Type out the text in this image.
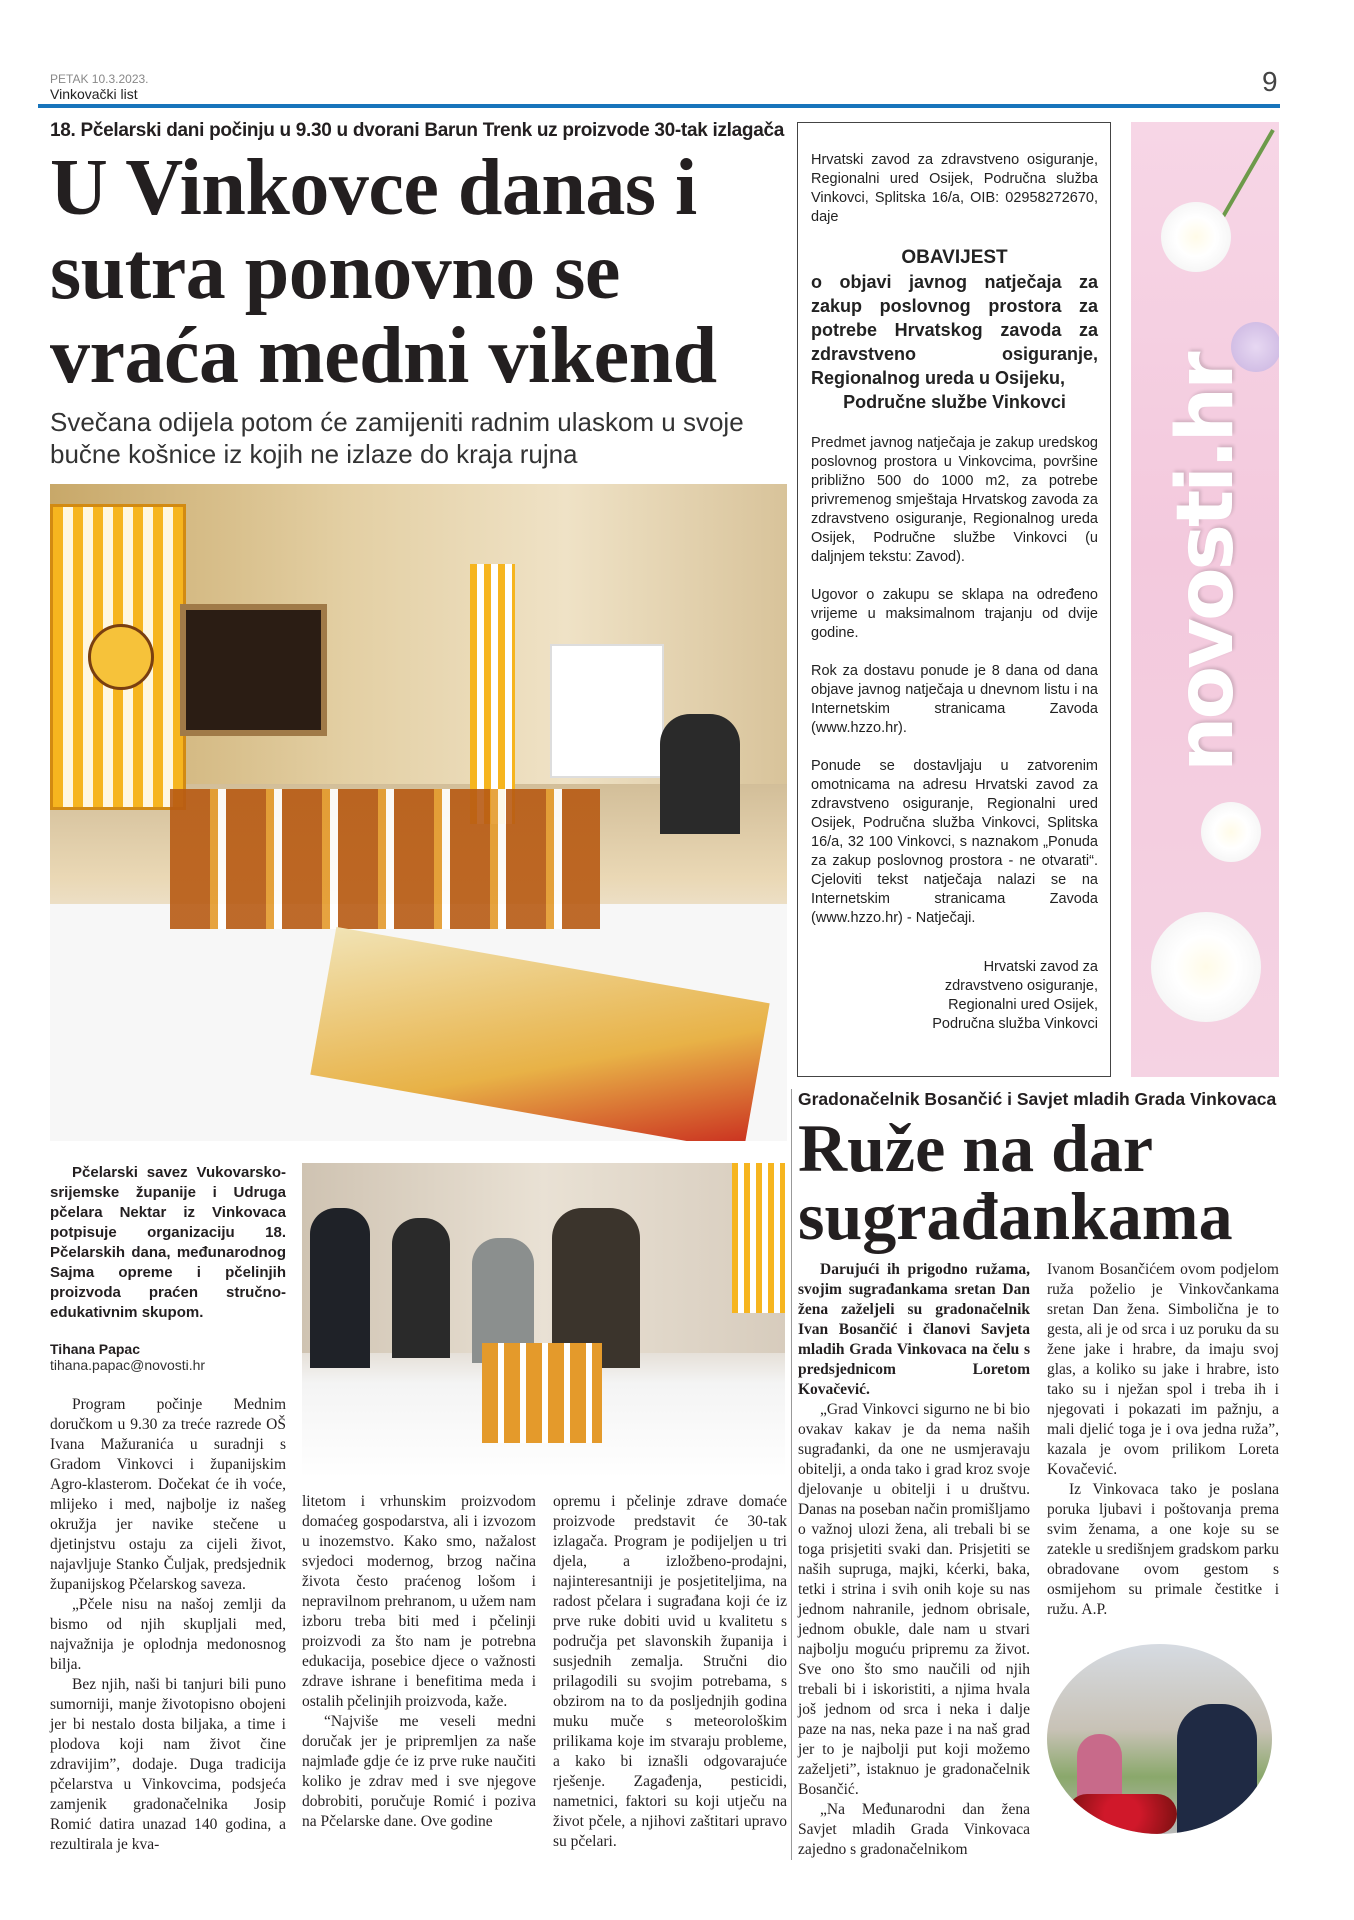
PETAK 10.3.2023.
Vinkovački list	9
18. Pčelarski dani počinju u 9.30 u dvorani Barun Trenk uz proizvode 30-tak izlagača
U Vinkovce danas i sutra ponovno se vraća medni vikend
Svečana odijela potom će zamijeniti radnim ulaskom u svoje bučne košnice iz kojih ne izlaze do kraja rujna

Pčelarski savez Vukovarsko-srijemske županije i Udruga pčelara Nektar iz Vinkovaca potpisuje organizaciju 18. Pčelarskih dana, međunarodnog Sajma opreme i pčelinjih proizvoda praćen stručno-edukativnim skupom.

Tihana Papac
tihana.papac@novosti.hr

Program počinje Mednim doručkom u 9.30 za treće razrede OŠ Ivana Mažuranića u suradnji s Gradom Vinkovci i županijskim Agro-klasterom. Dočekat će ih voće, mlijeko i med, najbolje iz našeg okružja jer navike stečene u djetinjstvu ostaju za cijeli život, najavljuje Stanko Čuljak, predsjednik županijskog Pčelarskog saveza.

„Pčele nisu na našoj zemlji da bismo od njih skupljali med, najvažnija je oplodnja medonosnog bilja.

Bez njih, naši bi tanjuri bili puno sumorniji, manje životopisno obojeni jer bi nestalo dosta biljaka, a time i plodova koji nam život čine zdravijim”, dodaje. Duga tradicija pčelarstva u Vinkovcima, podsjeća zamjenik gradonačelnika Josip Romić datira unazad 140 godina, a rezultirala je kva-

litetom i vrhunskim proizvodom domaćeg gospodarstva, ali i izvozom u inozemstvo. Kako smo, nažalost svjedoci modernog, brzog načina života često praćenog lošom i nepravilnom prehranom, u užem nam izboru treba biti med i pčelinji proizvodi za što nam je potrebna edukacija, posebice djece o važnosti zdrave ishrane i benefitima meda i ostalih pčelinjih proizvoda, kaže.

“Najviše me veseli medni doručak jer je pripremljen za naše najmlađe gdje će iz prve ruke naučiti koliko je zdrav med i sve njegove dobrobiti, poručuje Romić i poziva na Pčelarske dane. Ove godine

opremu i pčelinje zdrave domaće proizvode predstavit će 30-tak izlagača. Program je podijeljen u tri djela, a izložbeno-prodajni, najinteresantniji je posjetiteljima, na radost pčelara i sugrađana koji će iz prve ruke dobiti uvid u kvalitetu s područja pet slavonskih županija i susjednih zemalja. Stručni dio prilagodili su svojim potrebama, s obzirom na to da posljednjih godina muku muče s meteorološkim prilikama koje im stvaraju probleme, a kako bi iznašli odgovarajuće rješenje. Zagađenja, pesticidi, nametnici, faktori su koji utječu na život pčele, a njihovi zaštitari upravo su pčelari.

Hrvatski zavod za zdravstveno osiguranje, Regionalni ured Osijek, Područna služba Vinkovci, Splitska 16/a, OIB: 02958272670, daje

OBAVIJEST
o objavi javnog natječaja za zakup poslovnog prostora za potrebe Hrvatskog zavoda za zdravstveno osiguranje, Regionalnog ureda u Osijeku,
Područne službe Vinkovci

Predmet javnog natječaja je zakup uredskog poslovnog prostora u Vinkovcima, površine približno 500 do 1000 m2, za potrebe privremenog smještaja Hrvatskog zavoda za zdravstveno osiguranje, Regionalnog ureda Osijek, Područne službe Vinkovci (u daljnjem tekstu: Zavod).

Ugovor o zakupu se sklapa na određeno vrijeme u maksimalnom trajanju od dvije godine.

Rok za dostavu ponude je 8 dana od dana objave javnog natječaja u dnevnom listu i na Internetskim stranicama Zavoda (www.hzzo.hr).

Ponude se dostavljaju u zatvorenim omotnicama na adresu Hrvatski zavod za zdravstveno osiguranje, Regionalni ured Osijek, Područna služba Vinkovci, Splitska 16/a, 32 100 Vinkovci, s naznakom „Ponuda za zakup poslovnog prostora - ne otvarati“. Cjeloviti tekst natječaja nalazi se na Internetskim stranicama Zavoda (www.hzzo.hr) - Natječaji.

Hrvatski zavod za
zdravstveno osiguranje,
Regionalni ured Osijek,
Područna služba Vinkovci
novosti.hr
Gradonačelnik Bosančić i Savjet mladih Grada Vinkovaca
Ruže na dar sugrađankama

Darujući ih prigodno ružama, svojim sugrađankama sretan Dan žena zaželjeli su gradonačelnik Ivan Bosančić i članovi Savjeta mladih Grada Vinkovaca na čelu s predsjednicom Loretom Kovačević.

„Grad Vinkovci sigurno ne bi bio ovakav kakav je da nema naših sugrađanki, da one ne usmjeravaju obitelji, a onda tako i grad kroz svoje djelovanje u obitelji i u društvu. Danas na poseban način promišljamo o važnoj ulozi žena, ali trebali bi se toga prisjetiti svaki dan. Prisjetiti se naših supruga, majki, kćerki, baka, tetki i strina i svih onih koje su nas jednom nahranile, jednom obrisale, jednom obukle, dale nam u stvari najbolju moguću pripremu za život. Sve ono što smo naučili od njih trebali bi i iskoristiti, a njima hvala još jednom od srca i neka i dalje paze na nas, neka paze i na naš grad jer to je najbolji put koji možemo zaželjeti”, istaknuo je gradonačelnik Bosančić.

„Na Međunarodni dan žena Savjet mladih Grada Vinkovaca zajedno s gradonačelnikom

Ivanom Bosančićem ovom podjelom ruža poželio je Vinkovčankama sretan Dan žena. Simbolična je to gesta, ali je od srca i uz poruku da su žene jake i hrabre, da imaju svoj glas, a koliko su jake i hrabre, isto tako su i nježan spol i treba ih i njegovati i pokazati im pažnju, a mali djelić toga je i ova jedna ruža”, kazala je ovom prilikom Loreta Kovačević.

Iz Vinkovaca tako je poslana poruka ljubavi i poštovanja prema svim ženama, a one koje su se zatekle u središnjem gradskom parku obradovane ovom gestom s osmijehom su primale čestitke i ružu. A.P.
